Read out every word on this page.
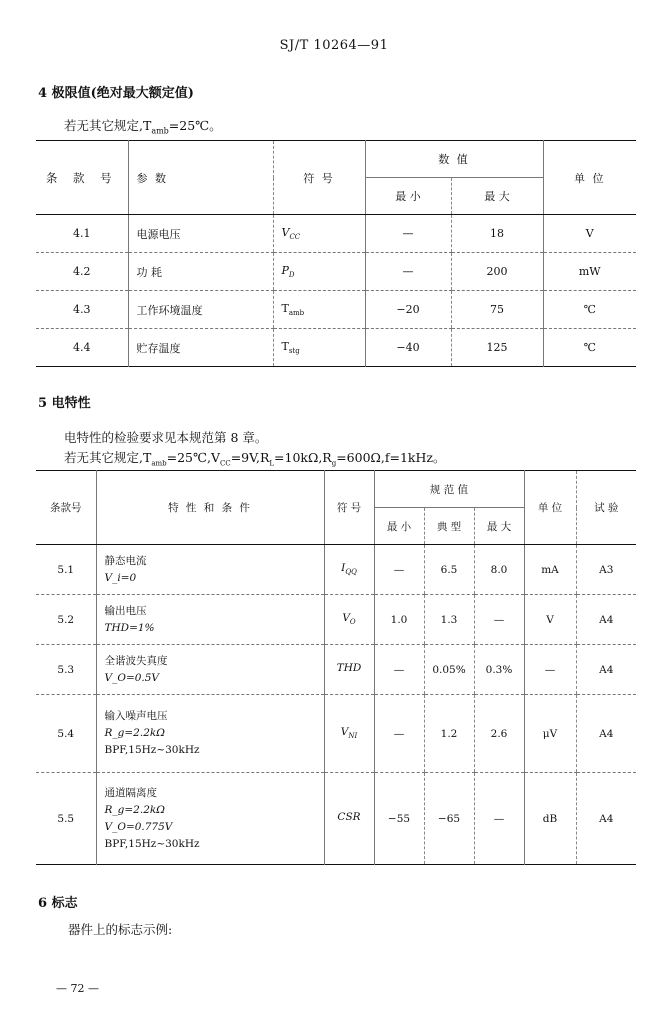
SJ/T 10264—91
4 极限值(绝对最大额定值)
若无其它规定$,T_{amb}=25℃$。
条 款 号	参 数	符 号	数 值		单 位
			最 小	最 大	
4.1	电源电压	$V_{CC}$	—	18	V
4.2	功 耗	$P_D$	—	200	mW
4.3	工作环境温度	$T_{amb}$	−20	75	℃
4.4	贮存温度	$T_{stg}$	−40	125	℃
5 电特性
电特性的检验要求见本规范第 8 章。
若无其它规定$,T_{amb}=25℃,V_{CC}=9V,R_L=10k\Omega,R_g=600\Omega,f=1kHz$。
条款号	特 性 和 条 件	符 号	规 范 值			单 位	试 验
			最 小	典 型	最 大		
5.1	静态电流
V_i=0	$I_{QQ}$	—	6.5	8.0	mA	A3
5.2	输出电压
THD=1%	$V_O$	1.0	1.3	—	V	A4
5.3	全谐波失真度
V_O=0.5V	THD	—	0.05%	0.3%	—	A4
5.4	输入噪声电压
R_g=2.2kΩ
BPF,15Hz~30kHz	$V_{NI}$	—	1.2	2.6	μV	A4
5.5	通道隔离度
R_g=2.2kΩ
V_O=0.775V
BPF,15Hz~30kHz	CSR	−55	−65	—	dB	A4
6 标志
器件上的标志示例:
— 72 —
